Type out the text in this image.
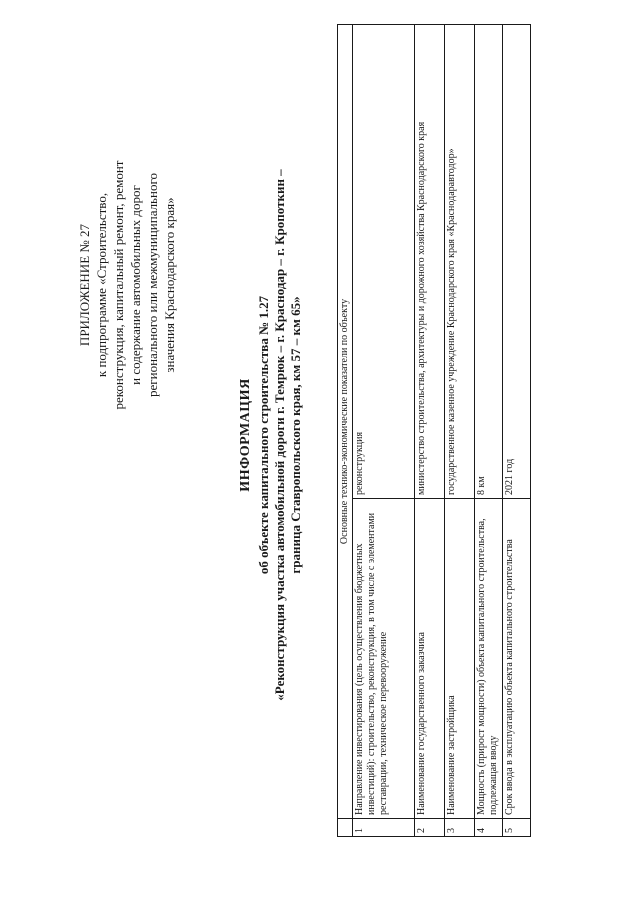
ПРИЛОЖЕНИЕ № 27 к подпрограмме «Строительство, реконструкция, капитальный ремонт, ремонт и содержание автомобильных дорог регионального или межмуниципального значения Краснодарского края»
ИНФОРМАЦИЯ об объекте капитального строительства № 1.27 «Реконструкция участка автомобильной дороги г. Темрюк – г. Краснодар – г. Кропоткин – граница Ставропольского края, км 57 – км 65»
		Основные технико-экономические показатели по объекту	
1	Направление инвестирования (цель осуществления бюджетных инвестиций): строительство, реконструкция, в том числе с элементами реставрации, техническое перевооружение	реконструкция
2	Наименование государственного заказчика	министерство строительства, архитектуры и дорожного хозяйства Краснодарского края
3	Наименование застройщика	государственное казенное учреждение Краснодарского края «Краснодаравтодор»
4	Мощность (прирост мощности) объекта капитального строительства, подлежащая вводу	8 км
5	Срок ввода в эксплуатацию объекта капитального строительства	2021 год
